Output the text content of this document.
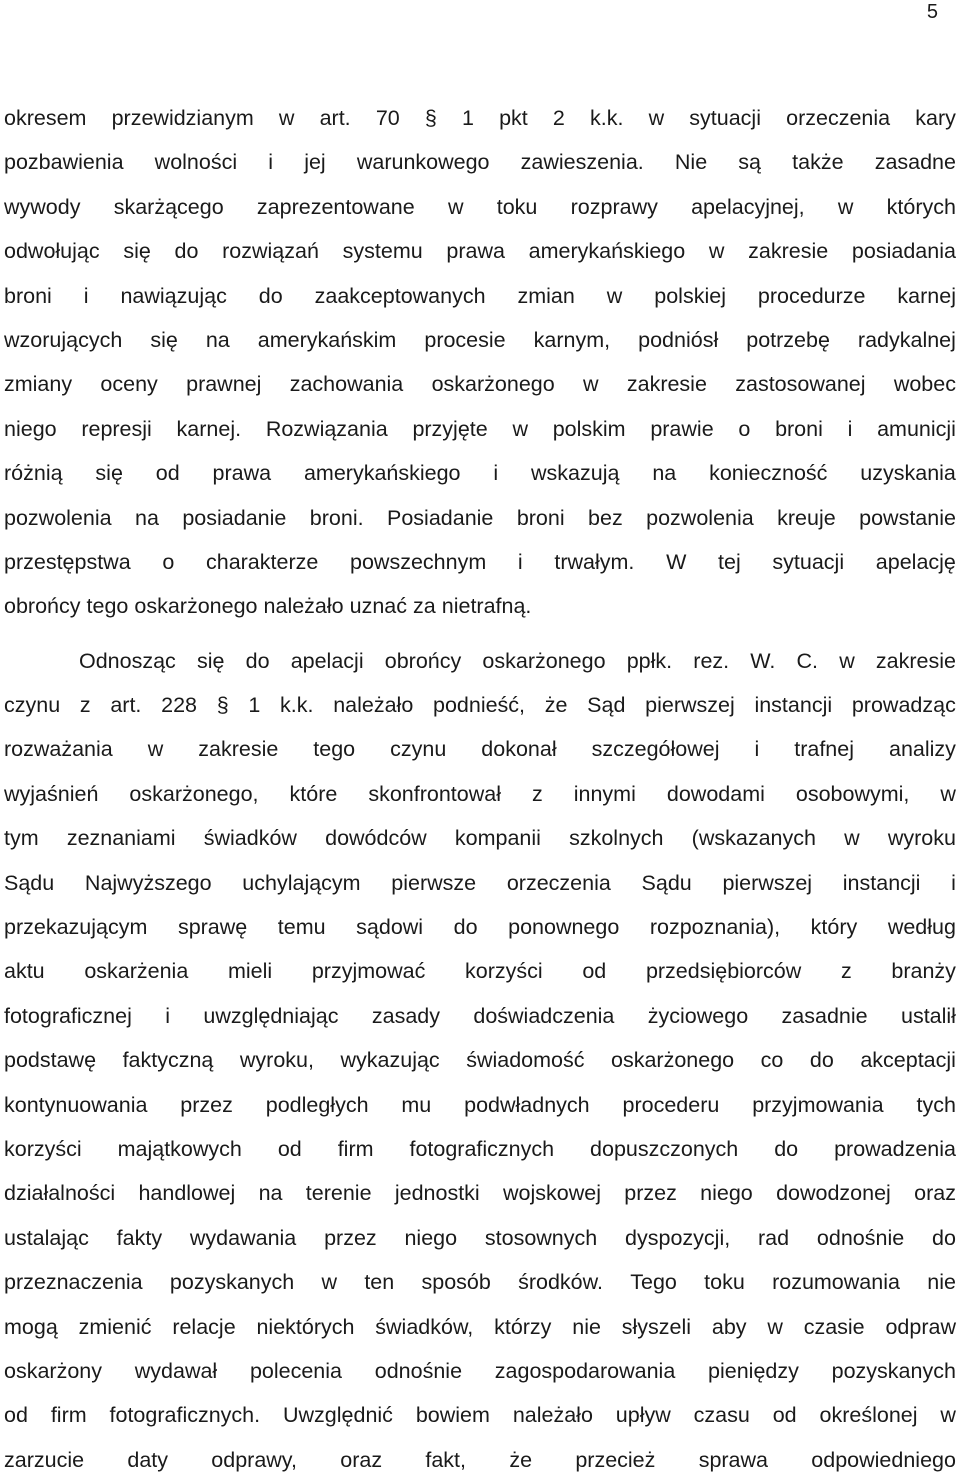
5
okresem przewidzianym w art. 70 § 1 pkt 2 k.k. w sytuacji orzeczenia kary
pozbawienia wolności i jej warunkowego zawieszenia. Nie są także zasadne
wywody skarżącego zaprezentowane w toku rozprawy apelacyjnej, w których
odwołując się do rozwiązań systemu prawa amerykańskiego w zakresie posiadania
broni i nawiązując do zaakceptowanych zmian w polskiej procedurze karnej
wzorujących się na amerykańskim procesie karnym, podniósł potrzebę radykalnej
zmiany oceny prawnej zachowania oskarżonego w zakresie zastosowanej wobec
niego represji karnej. Rozwiązania przyjęte w polskim prawie o broni i amunicji
różnią się od prawa amerykańskiego i wskazują na konieczność uzyskania
pozwolenia na posiadanie broni. Posiadanie broni bez pozwolenia kreuje powstanie
przestępstwa o charakterze powszechnym i trwałym. W tej sytuacji apelację
obrońcy tego oskarżonego należało uznać za nietrafną.
Odnosząc się do apelacji obrońcy oskarżonego ppłk. rez. W. C. w zakresie
czynu z art. 228 § 1 k.k. należało podnieść, że Sąd pierwszej instancji prowadząc
rozważania w zakresie tego czynu dokonał szczegółowej i trafnej analizy
wyjaśnień oskarżonego, które skonfrontował z innymi dowodami osobowymi, w
tym zeznaniami świadków dowódców kompanii szkolnych (wskazanych w wyroku
Sądu Najwyższego uchylającym pierwsze orzeczenia Sądu pierwszej instancji i
przekazującym sprawę temu sądowi do ponownego rozpoznania), który według
aktu oskarżenia mieli przyjmować korzyści od przedsiębiorców z branży
fotograficznej i uwzględniając zasady doświadczenia życiowego zasadnie ustalił
podstawę faktyczną wyroku, wykazując świadomość oskarżonego co do akceptacji
kontynuowania przez podległych mu podwładnych procederu przyjmowania tych
korzyści majątkowych od firm fotograficznych dopuszczonych do prowadzenia
działalności handlowej na terenie jednostki wojskowej przez niego dowodzonej oraz
ustalając fakty wydawania przez niego stosownych dyspozycji, rad odnośnie do
przeznaczenia pozyskanych w ten sposób środków. Tego toku rozumowania nie
mogą zmienić relacje niektórych świadków, którzy nie słyszeli aby w czasie odpraw
oskarżony wydawał polecenia odnośnie zagospodarowania pieniędzy pozyskanych
od firm fotograficznych. Uwzględnić bowiem należało upływ czasu od określonej w
zarzucie daty odprawy, oraz fakt, że przecież sprawa odpowiedniego
